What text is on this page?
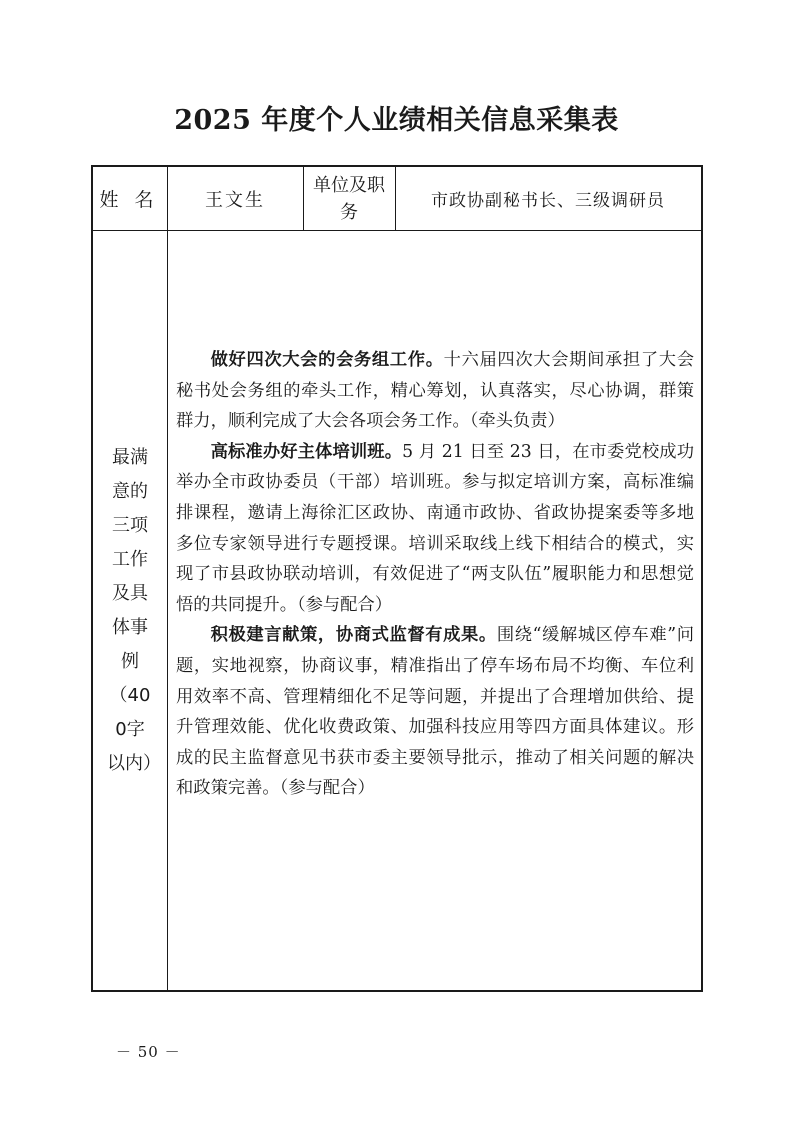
2025 年度个人业绩相关信息采集表
姓 名	王文生
单位及职务
市政协副秘书长、三级调研员
最满意的三项工作及具体事例（400字以内）

做好四次大会的会务组工作。十六届四次大会期间承担了大会秘书处会务组的牵头工作，精心筹划，认真落实，尽心协调，群策群力，顺利完成了大会各项会务工作。（牵头负责）

高标准办好主体培训班。5 月 21 日至 23 日，在市委党校成功举办全市政协委员（干部）培训班。参与拟定培训方案，高标准编排课程，邀请上海徐汇区政协、南通市政协、省政协提案委等多地多位专家领导进行专题授课。培训采取线上线下相结合的模式，实现了市县政协联动培训，有效促进了“两支队伍”履职能力和思想觉悟的共同提升。（参与配合）

积极建言献策，协商式监督有成果。围绕“缓解城区停车难”问题，实地视察，协商议事，精准指出了停车场布局不均衡、车位利用效率不高、管理精细化不足等问题，并提出了合理增加供给、提升管理效能、优化收费政策、加强科技应用等四方面具体建议。形成的民主监督意见书获市委主要领导批示，推动了相关问题的解决和政策完善。（参与配合）

－ 50 －
